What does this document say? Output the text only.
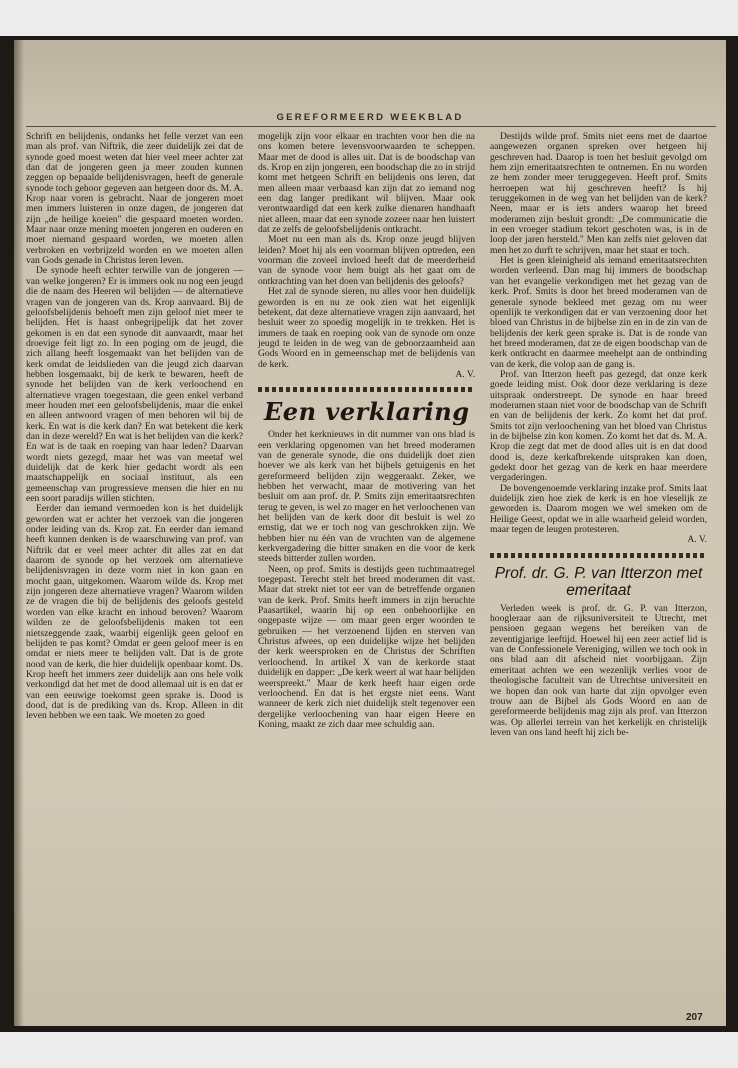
GEREFORMEERD WEEKBLAD

Schrift en belijdenis, ondanks het felle verzet van een man als prof. van Niftrik, die zeer duidelijk zei dat de synode goed moest weten dat hier veel meer achter zat dan dat de jongeren geen ja meer zouden kunnen zeggen op bepaalde belijdenisvragen, heeft de generale synode toch gehoor gegeven aan hetgeen door ds. M. A. Krop naar voren is gebracht. Naar de jongeren moet men immers luisteren in onze dagen, de jongeren dat zijn „de heilige koeien" die gespaard moeten worden. Maar naar onze mening moeten jongeren en ouderen en moet niemand gespaard worden, we moeten allen verbroken en verbrijzeld worden en we moeten allen van Gods genade in Christus leren leven.

De synode heeft echter terwille van de jongeren — van welke jongeren? Er is immers ook nu nog een jeugd die de naam des Heeren wil belijden — de alternatieve vragen van de jongeren van ds. Krop aanvaard. Bij de geloofsbelijdenis behoeft men zijn geloof niet meer te belijden. Het is haast onbegrijpelijk dat het zover gekomen is en dat een synode dit aanvaardt, maar het droevige feit ligt zo. In een poging om de jeugd, die zich allang heeft losgemaakt van het belijden van de kerk omdat de leidslieden van die jeugd zich daarvan hebben losgemaakt, bij de kerk te bewaren, heeft de synode het belijden van de kerk verloochend en alternatieve vragen toegestaan, die geen enkel verband meer houden met een geloofsbelijdenis, maar die enkel en alleen antwoord vragen of men behoren wil bij de kerk. En wat is die kerk dan? En wat betekent die kerk dan in deze wereld? En wat is het belijden van die kerk? En wat is de taak en roeping van haar leden? Daarvan wordt niets gezegd, maar het was van meetaf wel duidelijk dat de kerk hier gedacht wordt als een maatschappelijk en sociaal instituut, als een gemeenschap van progressieve mensen die hier en nu een soort paradijs willen stichten.

Eerder dan iemand vermoeden kon is het duidelijk geworden wat er achter het verzoek van die jongeren onder leiding van ds. Krop zat. En eerder dan iemand heeft kunnen denken is de waarschuwing van prof. van Niftrik dat er veel meer achter dit alles zat en dat daarom de synode op het verzoek om alternatieve belijdenisvragen in deze vorm niet in kon gaan en mocht gaan, uitgekomen. Waarom wilde ds. Krop met zijn jongeren deze alternatieve vragen? Waarom wilden ze de vragen die bij de belijdenis des geloofs gesteld worden van elke kracht en inhoud beroven? Waarom wilden ze de geloofsbelijdenis maken tot een nietszeggende zaak, waarbij eigenlijk geen geloof en belijden te pas komt? Omdat er geen geloof meer is en omdat er niets meer te belijden valt. Dat is de grote nood van de kerk, die hier duidelijk openbaar komt. Ds. Krop heeft het immers zeer duidelijk aan ons hele volk verkondigd dat het met de dood allemaal uit is en dat er van een eeuwige toekomst geen sprake is. Dood is dood, dat is de prediking van ds. Krop. Alleen in dit leven hebben we een taak. We moeten zo goed

mogelijk zijn voor elkaar en trachten voor hen die na ons komen betere levensvoorwaarden te scheppen. Maar met de dood is alles uit. Dat is de boodschap van ds. Krop en zijn jongeren, een boodschap die zo in strijd komt met hetgeen Schrift en belijdenis ons leren, dat men alleen maar verbaasd kan zijn dat zo iemand nog een dag langer predikant wil blijven. Maar ook verontwaardigd dat een kerk zulke dienaren handhaaft niet alleen, maar dat een synode zozeer naar hen luistert dat ze zelfs de geloofsbelijdenis ontkracht.

Moet nu een man als ds. Krop onze jeugd blijven leiden? Moet hij als een voorman blijven optreden, een voorman die zoveel invloed heeft dat de meerderheid van de synode voor hem buigt als het gaat om de ontkrachting van het doen van belijdenis des geloofs?

Het zal de synode sieren, nu alles voor hen duidelijk geworden is en nu ze ook zien wat het eigenlijk betekent, dat deze alternatieve vragen zijn aanvaard, het besluit weer zo spoedig mogelijk in te trekken. Het is immers de taak en roeping ook van de synode om onze jeugd te leiden in de weg van de geboorzaamheid aan Gods Woord en in gemeenschap met de belijdenis van de kerk.

A. V.

Een verklaring

Onder het kerknieuws in dit nummer van ons blad is een verklaring opgenomen van het breed moderamen van de generale synode, die ons duidelijk doet zien hoever we als kerk van het bijbels getuigenis en het gereformeerd belijden zijn weggeraakt. Zeker, we hebben het verwacht, maar de motivering van het besluit om aan prof. dr. P. Smits zijn emeritaatsrechten terug te geven, is wel zo mager en het verloochenen van het belijden van de kerk door dit besluit is wel zo ernstig, dat we er toch nog van geschrokken zijn. We hebben hier nu één van de vruchten van de algemene kerkvergadering die bitter smaken en die voor de kerk steeds bitterder zullen worden.

Neen, op prof. Smits is destijds geen tuchtmaatregel toegepast. Terecht stelt het breed moderamen dit vast. Maar dat strekt niet tot eer van de betreffende organen van de kerk. Prof. Smits heeft immers in zijn beruchte Paasartikel, waarin hij op een onbehoorlijke en ongepaste wijze — om maar geen erger woorden te gebruiken — het verzoenend lijden en sterven van Christus afwees, op een duidelijke wijze het belijden der kerk weersproken en de Christus der Schriften verloochend. In artikel X van de kerkorde staat duidelijk en dapper: „De kerk weert al wat haar belijden weerspreekt." Maar de kerk heeft haar eigen orde verloochend. En dat is het ergste niet eens. Want wanneer de kerk zich niet duidelijk stelt tegenover een dergelijke verloochening van haar eigen Heere en Koning, maakt ze zich daar mee schuldig aan.

Destijds wilde prof. Smits niet eens met de daartoe aangewezen organen spreken over hetgeen hij geschreven had. Daarop is toen het besluit gevolgd om hem zijn emeritaatsrechten te ontnemen. En nu worden ze hem zonder meer teruggegeven. Heeft prof. Smits herroepen wat hij geschreven heeft? Is hij teruggekomen in de weg van het belijden van de kerk? Neen, maar er is iets anders waarop het breed moderamen zijn besluit grondt: „De communicatie die in een vroeger stadium tekort geschoten was, is in de loop der jaren hersteld." Men kan zelfs niet geloven dat men het zo durft te schrijven, maar het staat er toch.

Het is geen kleinigheid als iemand emeritaatsrechten worden verleend. Dan mag hij immers de boodschap van het evangelie verkondigen met het gezag van de kerk. Prof. Smits is door het breed moderamen van de generale synode bekleed met gezag om nu weer openlijk te verkondigen dat er van verzoening door het bloed van Christus in de bijbelse zin en in de zin van de belijdenis der kerk geen sprake is. Dat is de ronde van het breed moderamen, dat ze de eigen boodschap van de kerk ontkracht en daarmee meehelpt aan de ontbinding van de kerk, die volop aan de gang is.

Prof. van Itterzon heeft pas gezegd, dat onze kerk goede leiding mist. Ook door deze verklaring is deze uitspraak onderstreept. De synode en haar breed moderamen staan niet voor de boodschap van de Schrift en van de belijdenis der kerk. Zo komt het dat prof. Smits tot zijn verloochening van het bloed van Christus in de bijbelse zin kon komen. Zo komt het dat ds. M. A. Krop die zegt dat met de dood alles uit is en dat dood dood is, deze kerkafbrekende uitspraken kan doen, gedekt door het gezag van de kerk en haar meerdere vergaderingen.

De bovengenoemde verklaring inzake prof. Smits laat duidelijk zien hoe ziek de kerk is en hoe vleselijk ze geworden is. Daarom mogen we wel smeken om de Heilige Geest, opdat we in alle waarheid geleid worden, maar tegen de leugen protesteren.

A. V.

Prof. dr. G. P. van Itterzon met emeritaat

Verleden week is prof. dr. G. P. van Itterzon, hoogleraar aan de rijksuniversiteit te Utrecht, met pensioen gegaan wegens het bereiken van de zeventigjarige leeftijd. Hoewel hij een zeer actief lid is van de Confessionele Vereniging, willen we toch ook in ons blad aan dit afscheid niet voorbijgaan. Zijn emeritaat achten we een wezenlijk verlies voor de theologische faculteit van de Utrechtse universiteit en we hopen dan ook van harte dat zijn opvolger even trouw aan de Bijbel als Gods Woord en aan de gereformeerde belijdenis mag zijn als prof. van Itterzon was. Op allerlei terrein van het kerkelijk en christelijk leven van ons land heeft hij zich be-

207
